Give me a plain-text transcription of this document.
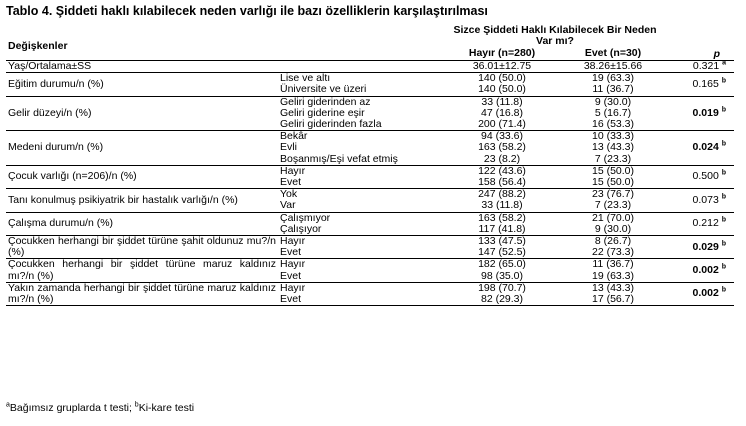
Tablo 4. Şiddeti haklı kılabilecek neden varlığı ile bazı özelliklerin karşılaştırılması
Değişkenler		Sizce Şiddeti Haklı Kılabilecek Bir Neden Var mı?		p
		Hayır (n=280)	Evet (n=30)	
Yaş/Ortalama±SS		36.01±12.75	38.26±15.66	0.321 $^a$
Eğitim durumu/n (%)	Lise ve altı	140 (50.0)	19 (63.3)	0.165 $^b$
	Üniversite ve üzeri	140 (50.0)	11 (36.7)	
Gelir düzeyi/n (%)	Geliri giderinden az	33 (11.8)	9 (30.0)	0.019 $^b$
	Geliri giderine eşir	47 (16.8)	5 (16.7)	
	Geliri giderinden fazla	200 (71.4)	16 (53.3)	
Medeni durum/n (%)	Bekâr	94 (33.6)	10 (33.3)	0.024 $^b$
	Evli	163 (58.2)	13 (43.3)	
	Boşanmış/Eşi vefat etmiş	23 (8.2)	7 (23.3)	
Çocuk varlığı (n=206)/n (%)	Hayır	122 (43.6)	15 (50.0)	0.500 $^b$
	Evet	158 (56.4)	15 (50.0)	
Tanı konulmuş psikiyatrik bir hastalık varlığı/n (%)	Yok	247 (88.2)	23 (76.7)	0.073 $^b$
	Var	33 (11.8)	7 (23.3)	
Çalışma durumu/n (%)	Çalışmıyor	163 (58.2)	21 (70.0)	0.212 $^b$
	Çalışıyor	117 (41.8)	9 (30.0)	
Çocukken herhangi bir şiddet türüne şahit oldunuz mu?/n (%)	Hayır	133 (47.5)	8 (26.7)	0.029 $^b$
	Evet	147 (52.5)	22 (73.3)	
Çocukken herhangi bir şiddet türüne maruz kaldınız mı?/n (%)	Hayır	182 (65.0)	11 (36.7)	0.002 $^b$
	Evet	98 (35.0)	19 (63.3)	
Yakın zamanda herhangi bir şiddet türüne maruz kaldınız mı?/n (%)	Hayır	198 (70.7)	13 (43.3)	0.002 $^b$
	Evet	82 (29.3)	17 (56.7)	
$^a$Bağımsız gruplarda t testi; $^b$Ki-kare testi
